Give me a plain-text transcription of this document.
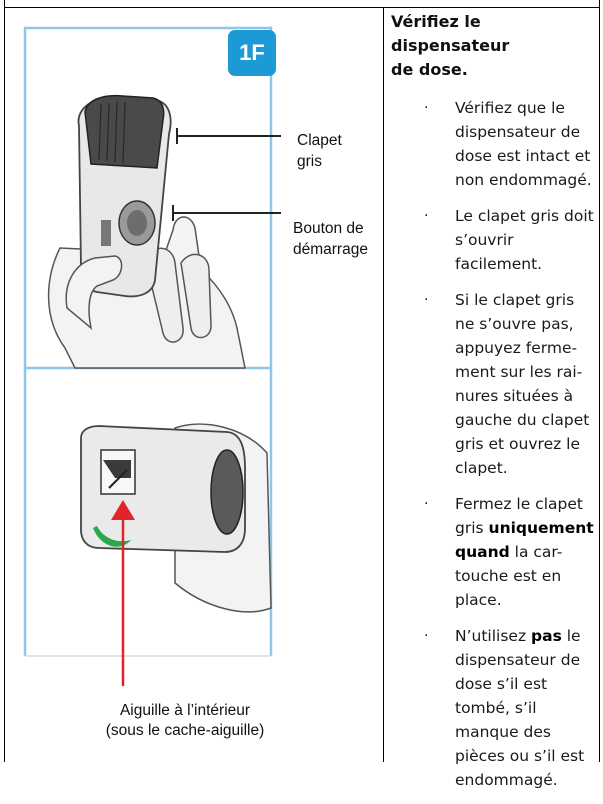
1F
Clapet
gris
Bouton de
démarrage
Aiguille à l’intérieur
(sous le cache-aiguille)
Vérifiez le dispensateur
de dose.
· Vérifiez que le
dispensateur de
dose est intact et
non endommagé.
· Le clapet gris doit
s’ouvrir
facilement.
· Si le clapet gris
ne s’ouvre pas,
appuyez ferme-
ment sur les rai-
nures situées à
gauche du clapet
gris et ouvrez le
clapet.
· Fermez le clapet
gris uniquement
quand la car-
touche est en
place.
· N’utilisez pas le
dispensateur de
dose s’il est
tombé, s’il
manque des
pièces ou s’il est
endommagé.
